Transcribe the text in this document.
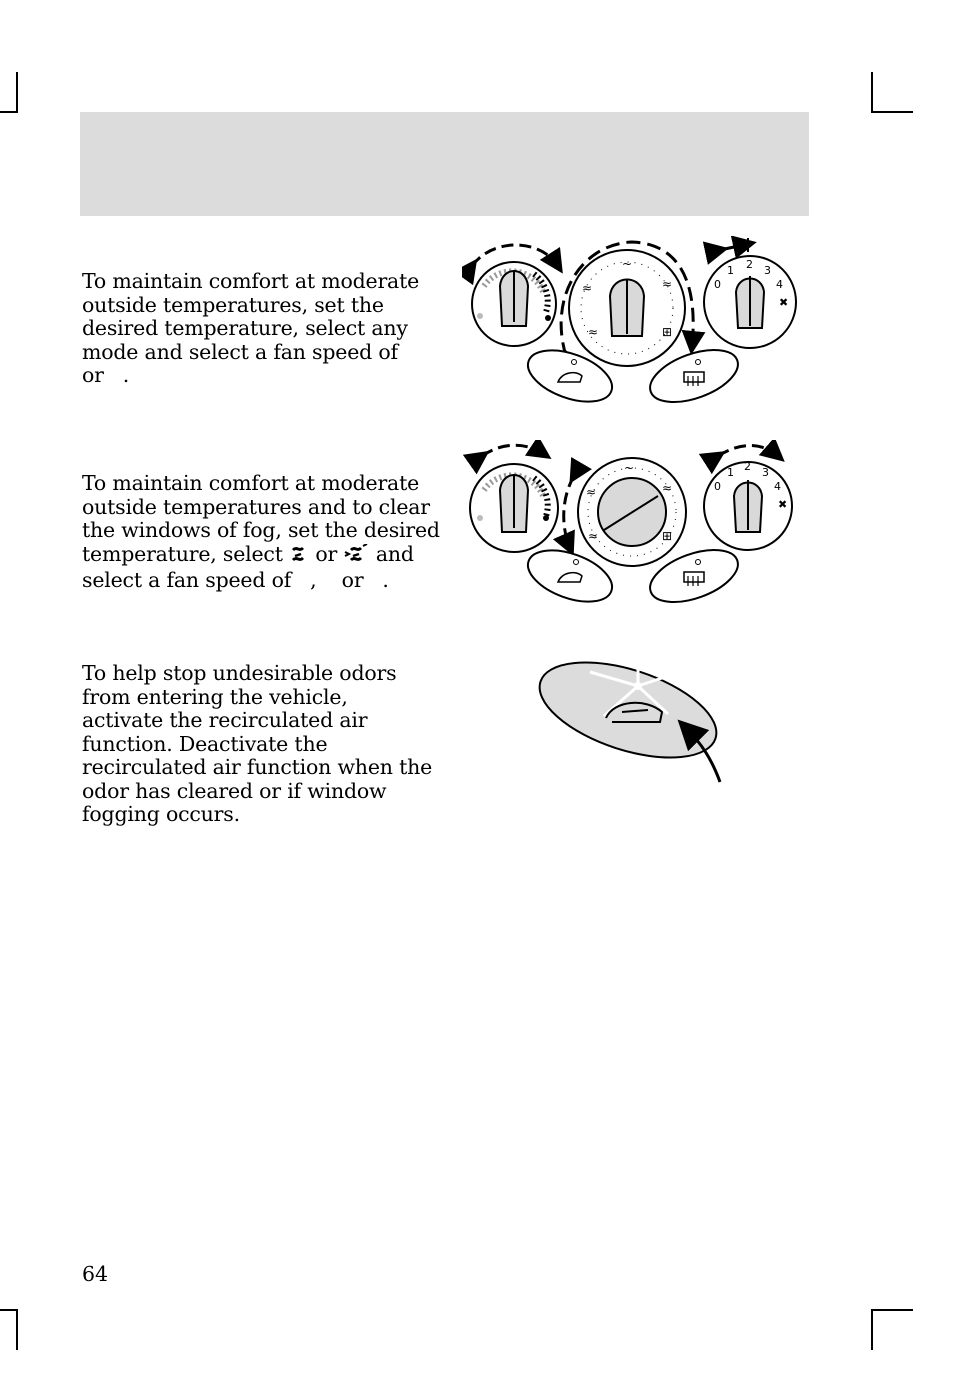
To maintain comfort at moderate outside temperatures, set the desired temperature, select any mode and select a fan speed of
or .
To maintain comfort at moderate outside temperatures and to clear the windows of fog, set the desired temperature, select or and select a fan speed of , or .
To help stop undesirable odors from entering the vehicle, activate the recirculated air function. Deactivate the recirculated air function when the odor has cleared or if window fogging occurs.
~
≈
≈
≈	⊞
0
1 2 3
4
✖
~
≈
≈
≈	⊞
0
1 2 3
4
✖
64
